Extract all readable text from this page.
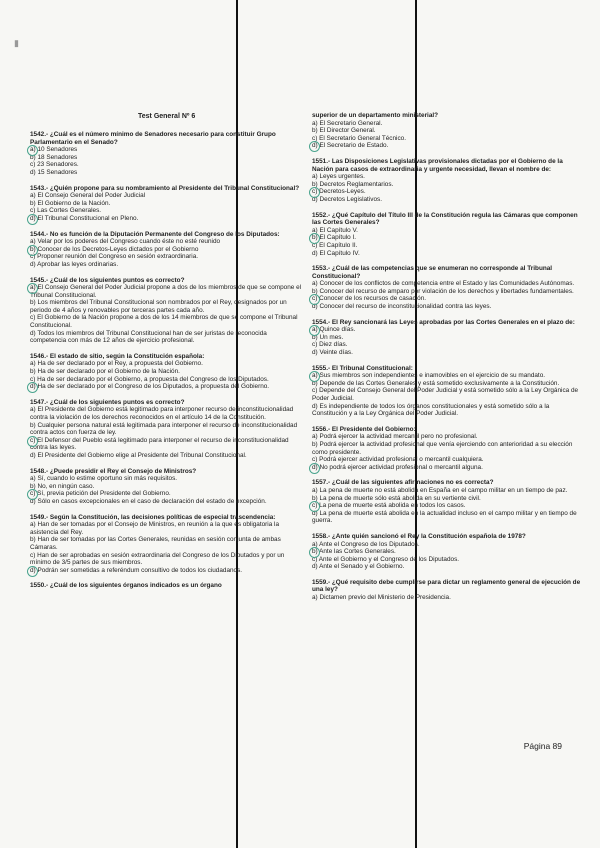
▮
Test General Nº 6
1542.- ¿Cuál es el número mínimo de Senadores necesario para constituir Grupo Parlamentario en el Senado?
a) 10 Senadores
b) 18 Senadores
c) 23 Senadores.
d) 15 Senadores
1543.- ¿Quién propone para su nombramiento al Presidente del Tribunal Constitucional?
a) El Consejo General del Poder Judicial
b) El Gobierno de la Nación.
c) Las Cortes Generales.
d) El Tribunal Constitucional en Pleno.
1544.- No es función de la Diputación Permanente del Congreso de los Diputados:
a) Velar por los poderes del Congreso cuando éste no esté reunido
b) Conocer de los Decretos-Leyes dictados por el Gobierno
c) Proponer reunión del Congreso en sesión extraordinaria.
d) Aprobar las leyes ordinarias.
1545.- ¿Cuál de los siguientes puntos es correcto?
a) El Consejo General del Poder Judicial propone a dos de los miembros de que se compone el Tribunal Constitucional.
b) Los miembros del Tribunal Constitucional son nombrados por el Rey, designados por un periodo de 4 años y renovables por terceras partes cada año.
c) El Gobierno de la Nación propone a dos de los 14 miembros de que se compone el Tribunal Constitucional.
d) Todos los miembros del Tribunal Constitucional han de ser juristas de reconocida competencia con más de 12 años de ejercicio profesional.
1546.- El estado de sitio, según la Constitución española:
a) Ha de ser declarado por el Rey, a propuesta del Gobierno.
b) Ha de ser declarado por el Gobierno de la Nación.
c) Ha de ser declarado por el Gobierno, a propuesta del Congreso de los Diputados.
d) Ha de ser declarado por el Congreso de los Diputados, a propuesta del Gobierno.
1547.- ¿Cuál de los siguientes puntos es correcto?
a) El Presidente del Gobierno está legitimado para interponer recurso de inconstitucionalidad contra la violación de los derechos reconocidos en el artículo 14 de la Constitución.
b) Cualquier persona natural está legitimada para interponer el recurso de inconstitucionalidad contra actos con fuerza de ley.
c) El Defensor del Pueblo está legitimado para interponer el recurso de inconstitucionalidad contra las leyes.
d) El Presidente del Gobierno elige al Presidente del Tribunal Constitucional.
1548.- ¿Puede presidir el Rey el Consejo de Ministros?
a) Sí, cuando lo estime oportuno sin más requisitos.
b) No, en ningún caso.
c) Sí, previa petición del Presidente del Gobierno.
d) Sólo en casos excepcionales en el caso de declaración del estado de excepción.
1549.- Según la Constitución, las decisiones políticas de especial trascendencia:
a) Han de ser tomadas por el Consejo de Ministros, en reunión a la que es obligatoria la asistencia del Rey.
b) Han de ser tomadas por las Cortes Generales, reunidas en sesión conjunta de ambas Cámaras.
c) Han de ser aprobadas en sesión extraordinaria del Congreso de los Diputados y por un mínimo de 3/5 partes de sus miembros.
d) Podrán ser sometidas a referéndum consultivo de todos los ciudadanos.
1550.- ¿Cuál de los siguientes órganos indicados es un órgano
superior de un departamento ministerial?
a) El Secretario General.
b) El Director General.
c) El Secretario General Técnico.
d) El Secretario de Estado.
1551.- Las Disposiciones Legislativas provisionales dictadas por el Gobierno de la Nación para casos de extraordinaria y urgente necesidad, llevan el nombre de:
a) Leyes urgentes.
b) Decretos Reglamentarios.
c) Decretos-Leyes.
d) Decretos Legislativos.
1552.- ¿Qué Capítulo del Título III de la Constitución regula las Cámaras que componen las Cortes Generales?
a) El Capítulo V.
b) El Capítulo I.
c) El Capítulo II.
d) El Capítulo IV.
1553.- ¿Cuál de las competencias que se enumeran no corresponde al Tribunal Constitucional?
a) Conocer de los conflictos de competencia entre el Estado y las Comunidades Autónomas.
b) Conocer del recurso de amparo por violación de los derechos y libertades fundamentales.
c) Conocer de los recursos de casación.
d) Conocer del recurso de inconstitucionalidad contra las leyes.
1554.- El Rey sancionará las Leyes aprobadas por las Cortes Generales en el plazo de:
a) Quince días.
b) Un mes.
c) Diez días.
d) Veinte días.
1555.- El Tribunal Constitucional:
a) Sus miembros son independientes e inamovibles en el ejercicio de su mandato.
b) Depende de las Cortes Generales y está sometido exclusivamente a la Constitución.
c) Depende del Consejo General del Poder Judicial y está sometido sólo a la Ley Orgánica de Poder Judicial.
d) Es independiente de todos los órganos constitucionales y está sometido sólo a la Constitución y a la Ley Orgánica del Poder Judicial.
1556.- El Presidente del Gobierno:
a) Podrá ejercer la actividad mercantil pero no profesional.
b) Podrá ejercer la actividad profesional que venía ejerciendo con anterioridad a su elección como presidente.
c) Podrá ejercer actividad profesional o mercantil cualquiera.
d) No podrá ejercer actividad profesional o mercantil alguna.
1557.- ¿Cuál de las siguientes afirmaciones no es correcta?
a) La pena de muerte no está abolida en España en el campo militar en un tiempo de paz.
b) La pena de muerte sólo está abolida en su vertiente civil.
c) La pena de muerte está abolida en todos los casos.
d) La pena de muerte está abolida en la actualidad incluso en el campo militar y en tiempo de guerra.
1558.- ¿Ante quién sancionó el Rey la Constitución española de 1978?
a) Ante el Congreso de los Diputados.
b) Ante las Cortes Generales.
c) Ante el Gobierno y el Congreso de los Diputados.
d) Ante el Senado y el Gobierno.
1559.- ¿Qué requisito debe cumplirse para dictar un reglamento general de ejecución de una ley?
a) Dictamen previo del Ministerio de Presidencia.
Página 89
